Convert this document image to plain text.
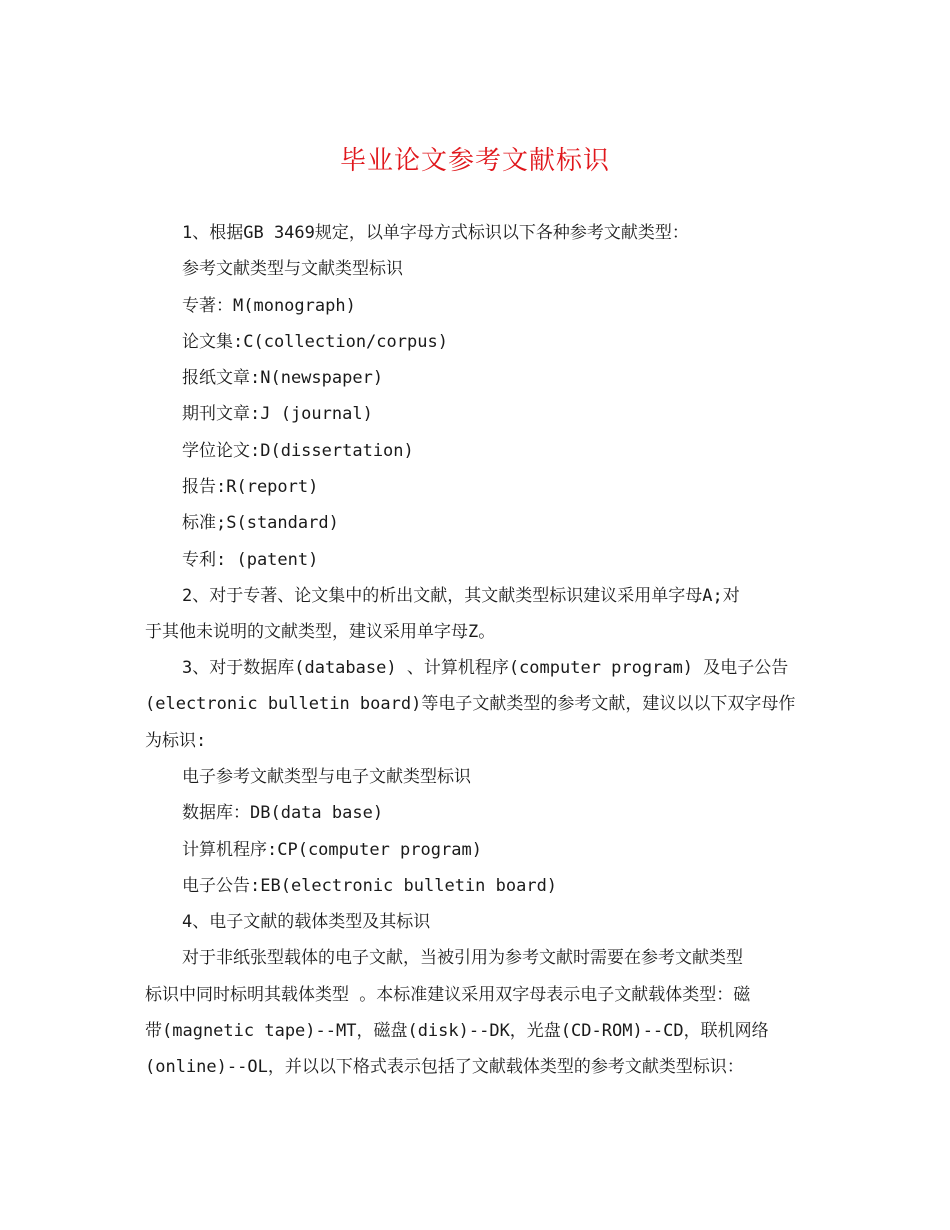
毕业论文参考文献标识
1、根据GB 3469规定，以单字母方式标识以下各种参考文献类型：
参考文献类型与文献类型标识
专著：M(monograph)
论文集:C(collection/corpus)
报纸文章:N(newspaper)
期刊文章:J (journal)
学位论文:D(dissertation)
报告:R(report)
标准;S(standard)
专利: (patent)
2、对于专著、论文集中的析出文献，其文献类型标识建议采用单字母A;对
于其他未说明的文献类型，建议采用单字母Z。
3、对于数据库(database) 、计算机程序(computer program) 及电子公告
(electronic bulletin board)等电子文献类型的参考文献，建议以以下双字母作
为标识:
电子参考文献类型与电子文献类型标识
数据库：DB(data base)
计算机程序:CP(computer program)
电子公告:EB(electronic bulletin board)
4、电子文献的载体类型及其标识
对于非纸张型载体的电子文献，当被引用为参考文献时需要在参考文献类型
标识中同时标明其载体类型 。本标准建议采用双字母表示电子文献载体类型：磁
带(magnetic tape)--MT，磁盘(disk)--DK，光盘(CD-ROM)--CD，联机网络
(online)--OL，并以以下格式表示包括了文献载体类型的参考文献类型标识：
